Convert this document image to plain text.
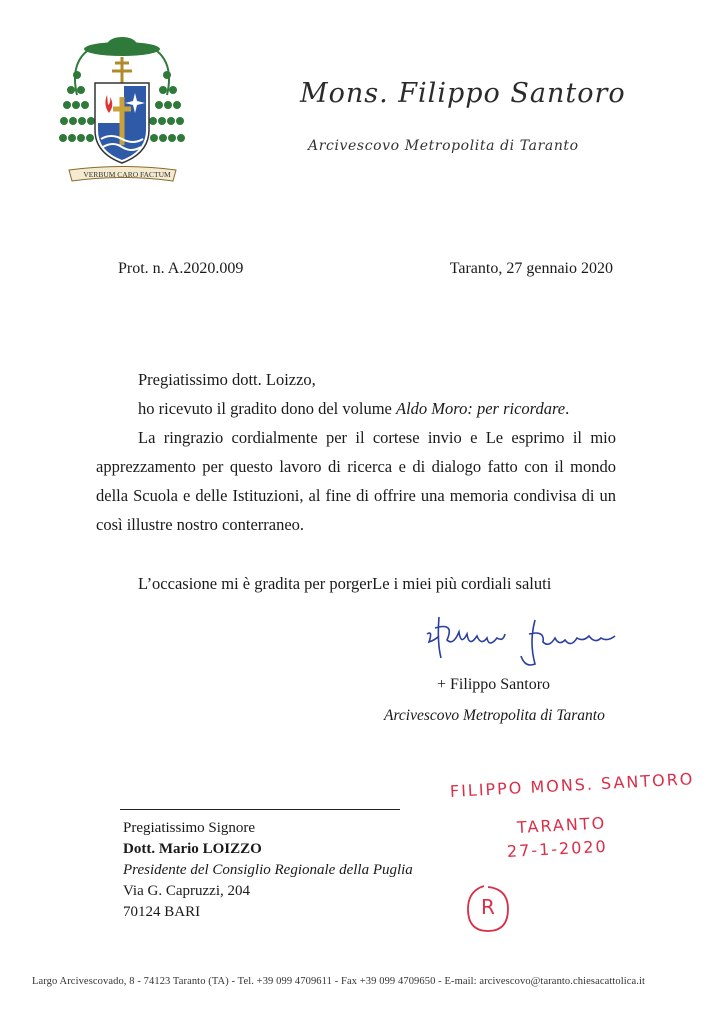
VERBUM CARO FACTUM
Mons. Filippo Santoro
Arcivescovo Metropolita di Taranto
Prot. n. A.2020.009	Taranto, 27 gennaio 2020
Pregiatissimo dott. Loizzo,
ho ricevuto il gradito dono del volume Aldo Moro: per ricordare.
La ringrazio cordialmente per il cortese invio e Le esprimo il mio apprezzamento per questo lavoro di ricerca e di dialogo fatto con il mondo della Scuola e delle Istituzioni, al fine di offrire una memoria condivisa di un così illustre nostro conterraneo.
L’occasione mi è gradita per porgerLe i miei più cordiali saluti
+ Filippo Santoro
Arcivescovo Metropolita di Taranto
Pregiatissimo Signore
Dott. Mario LOIZZO
Presidente del Consiglio Regionale della Puglia
Via G. Capruzzi, 204
70124 BARI
FILIPPO MONS. SANTORO
TARANTO
27-1-2020
R
Largo Arcivescovado, 8 - 74123 Taranto (TA) - Tel. +39 099 4709611 - Fax +39 099 4709650 - E-mail: arcivescovo@taranto.chiesacattolica.it
